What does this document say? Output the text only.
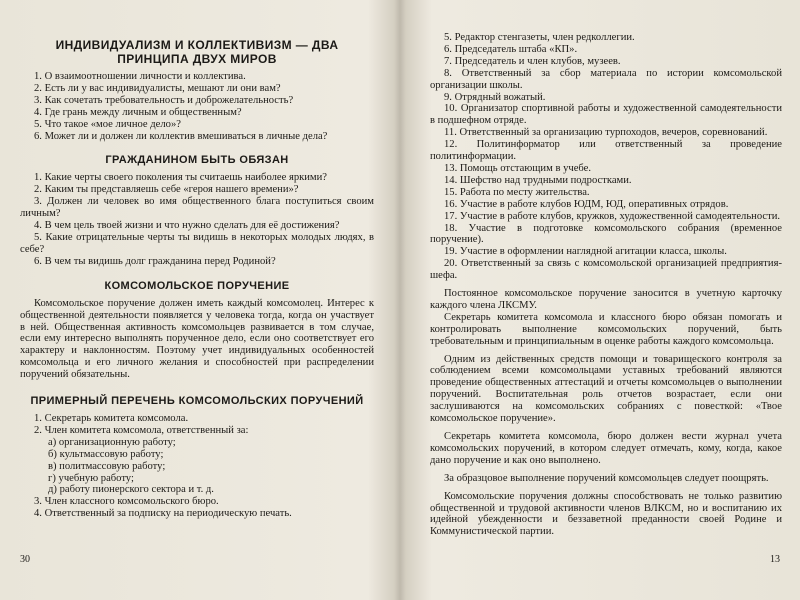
ИНДИВИДУАЛИЗМ И КОЛЛЕКТИВИЗМ — ДВА
ПРИНЦИПА ДВУХ МИРОВ

1. О взаимоотношении личности и коллектива.

2. Есть ли у вас индивидуалисты, мешают ли они вам?

3. Как сочетать требовательность и доброжелательность?

4. Где грань между личным и общественным?

5. Что такое «мое личное дело»?

6. Может ли и должен ли коллектив вмешиваться в личные дела?

ГРАЖДАНИНОМ БЫТЬ ОБЯЗАН

1. Какие черты своего поколения ты считаешь наиболее яркими?

2. Каким ты представляешь себе «героя нашего времени»?

3. Должен ли человек во имя общественного блага поступиться своим личным?

4. В чем цель твоей жизни и что нужно сделать для её достижения?

5. Какие отрицательные черты ты видишь в некоторых молодых людях, в себе?

6. В чем ты видишь долг гражданина перед Родиной?

КОМСОМОЛЬСКОЕ ПОРУЧЕНИЕ

Комсомольское поручение должен иметь каждый комсомолец. Интерес к общественной деятельности появляется у человека тогда, когда он участвует в ней. Общественная активность комсомольцев развивается в том случае, если ему интересно выполнять порученное дело, если оно соответствует его характеру и наклонностям. Поэтому учет индивидуальных особенностей комсомольца и его личного желания и способностей при распределении поручений обязательны.

ПРИМЕРНЫЙ ПЕРЕЧЕНЬ КОМСОМОЛЬСКИХ ПОРУЧЕНИЙ

1. Секретарь комитета комсомола.

2. Член комитета комсомола, ответственный за:

а) организационную работу;

б) культмассовую работу;

в) политмассовую работу;

г) учебную работу;

д) работу пионерского сектора и т. д.

3. Член классного комсомольского бюро.

4. Ответственный за подписку на периодическую печать.

30

5. Редактор стенгазеты, член редколлегии.

6. Председатель штаба «КП».

7. Председатель и член клубов, музеев.

8. Ответственный за сбор материала по истории комсомольской организации школы.

9. Отрядный вожатый.

10. Организатор спортивной работы и художественной самодеятельности в подшефном отряде.

11. Ответственный за организацию турпоходов, вечеров, соревнований.

12. Политинформатор или ответственный за проведение политинформации.

13. Помощь отстающим в учебе.

14. Шефство над трудными подростками.

15. Работа по месту жительства.

16. Участие в работе клубов ЮДМ, ЮД, оперативных отрядов.

17. Участие в работе клубов, кружков, художественной самодеятельности.

18. Участие в подготовке комсомольского собрания (временное поручение).

19. Участие в оформлении наглядной агитации класса, школы.

20. Ответственный за связь с комсомольской организацией предприятия-шефа.

Постоянное комсомольское поручение заносится в учетную карточку каждого члена ЛКСМУ.

Секретарь комитета комсомола и классного бюро обязан помогать и контролировать выполнение комсомольских поручений, быть требовательным и принципиальным в оценке работы каждого комсомольца.

Одним из действенных средств помощи и товарищеского контроля за соблюдением всеми комсомольцами уставных требований являются проведение общественных аттестаций и отчеты комсомольцев о выполнении поручений. Воспитательная роль отчетов возрастает, если они заслушиваются на комсомольских собраниях с повесткой: «Твое комсомольское поручение».

Секретарь комитета комсомола, бюро должен вести журнал учета комсомольских поручений, в котором следует отмечать, кому, когда, какое дано поручение и как оно выполнено.

За образцовое выполнение поручений комсомольцев следует поощрять.

Комсомольские поручения должны способствовать не только развитию общественной и трудовой активности членов ВЛКСМ, но и воспитанию их идейной убежденности и беззаветной преданности своей Родине и Коммунистической партии.

13
